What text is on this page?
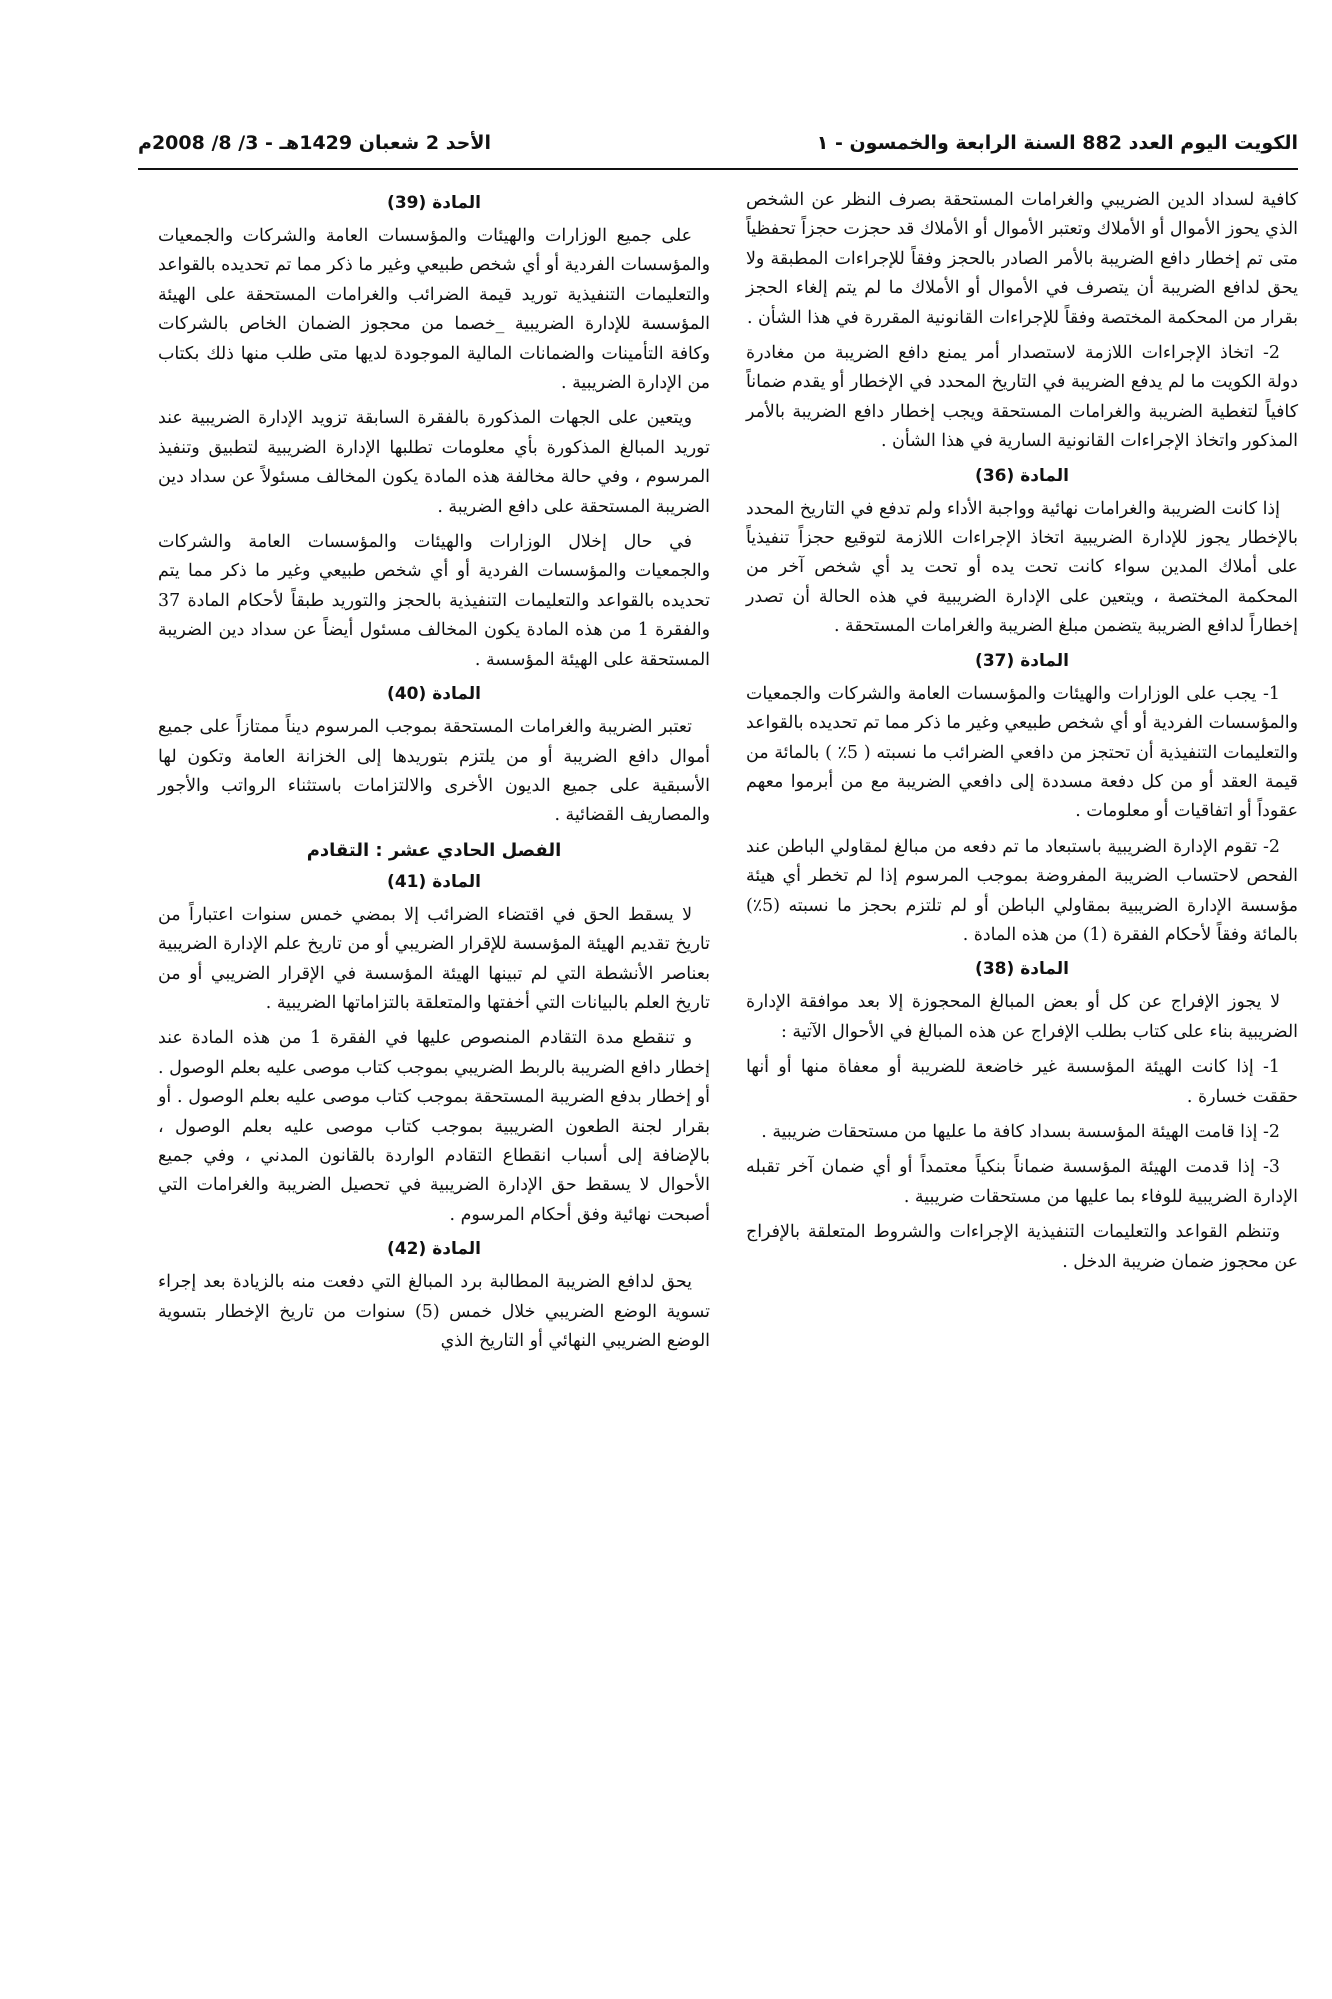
الكويت اليوم العدد 882 السنة الرابعة والخمسون - ١
الأحد 2 شعبان 1429هـ - 3/ 8/ 2008م

كافية لسداد الدين الضريبي والغرامات المستحقة بصرف النظر عن الشخص الذي يحوز الأموال أو الأملاك وتعتبر الأموال أو الأملاك قد حجزت حجزاً تحفظياً متى تم إخطار دافع الضريبة بالأمر الصادر بالحجز وفقاً للإجراءات المطبقة ولا يحق لدافع الضريبة أن يتصرف في الأموال أو الأملاك ما لم يتم إلغاء الحجز بقرار من المحكمة المختصة وفقاً للإجراءات القانونية المقررة في هذا الشأن .

2- اتخاذ الإجراءات اللازمة لاستصدار أمر يمنع دافع الضريبة من مغادرة دولة الكويت ما لم يدفع الضريبة في التاريخ المحدد في الإخطار أو يقدم ضماناً كافياً لتغطية الضريبة والغرامات المستحقة ويجب إخطار دافع الضريبة بالأمر المذكور واتخاذ الإجراءات القانونية السارية في هذا الشأن .

المادة (36)

إذا كانت الضريبة والغرامات نهائية وواجبة الأداء ولم تدفع في التاريخ المحدد بالإخطار يجوز للإدارة الضريبية اتخاذ الإجراءات اللازمة لتوقيع حجزاً تنفيذياً على أملاك المدين سواء كانت تحت يده أو تحت يد أي شخص آخر من المحكمة المختصة ، ويتعين على الإدارة الضريبية في هذه الحالة أن تصدر إخطاراً لدافع الضريبة يتضمن مبلغ الضريبة والغرامات المستحقة .

المادة (37)

1- يجب على الوزارات والهيئات والمؤسسات العامة والشركات والجمعيات والمؤسسات الفردية أو أي شخص طبيعي وغير ما ذكر مما تم تحديده بالقواعد والتعليمات التنفيذية أن تحتجز من دافعي الضرائب ما نسبته ( 5٪ ) بالمائة من قيمة العقد أو من كل دفعة مسددة إلى دافعي الضريبة مع من أبرموا معهم عقوداً أو اتفاقيات أو معلومات .

2- تقوم الإدارة الضريبية باستبعاد ما تم دفعه من مبالغ لمقاولي الباطن عند الفحص لاحتساب الضريبة المفروضة بموجب المرسوم إذا لم تخطر أي هيئة مؤسسة الإدارة الضريبية بمقاولي الباطن أو لم تلتزم بحجز ما نسبته (5٪) بالمائة وفقاً لأحكام الفقرة (1) من هذه المادة .

المادة (38)

لا يجوز الإفراج عن كل أو بعض المبالغ المحجوزة إلا بعد موافقة الإدارة الضريبية بناء على كتاب بطلب الإفراج عن هذه المبالغ في الأحوال الآتية :

1- إذا كانت الهيئة المؤسسة غير خاضعة للضريبة أو معفاة منها أو أنها حققت خسارة .

2- إذا قامت الهيئة المؤسسة بسداد كافة ما عليها من مستحقات ضريبية .

3- إذا قدمت الهيئة المؤسسة ضماناً بنكياً معتمداً أو أي ضمان آخر تقبله الإدارة الضريبية للوفاء بما عليها من مستحقات ضريبية .

وتنظم القواعد والتعليمات التنفيذية الإجراءات والشروط المتعلقة بالإفراج عن محجوز ضمان ضريبة الدخل .

المادة (39)

على جميع الوزارات والهيئات والمؤسسات العامة والشركات والجمعيات والمؤسسات الفردية أو أي شخص طبيعي وغير ما ذكر مما تم تحديده بالقواعد والتعليمات التنفيذية توريد قيمة الضرائب والغرامات المستحقة على الهيئة المؤسسة للإدارة الضريبية _خصما من محجوز الضمان الخاص بالشركات وكافة التأمينات والضمانات المالية الموجودة لديها متى طلب منها ذلك بكتاب من الإدارة الضريبية .

ويتعين على الجهات المذكورة بالفقرة السابقة تزويد الإدارة الضريبية عند توريد المبالغ المذكورة بأي معلومات تطلبها الإدارة الضريبية لتطبيق وتنفيذ المرسوم ، وفي حالة مخالفة هذه المادة يكون المخالف مسئولاً عن سداد دين الضريبة المستحقة على دافع الضريبة .

في حال إخلال الوزارات والهيئات والمؤسسات العامة والشركات والجمعيات والمؤسسات الفردية أو أي شخص طبيعي وغير ما ذكر مما يتم تحديده بالقواعد والتعليمات التنفيذية بالحجز والتوريد طبقاً لأحكام المادة 37 والفقرة 1 من هذه المادة يكون المخالف مسئول أيضاً عن سداد دين الضريبة المستحقة على الهيئة المؤسسة .

المادة (40)

تعتبر الضريبة والغرامات المستحقة بموجب المرسوم ديناً ممتازاً على جميع أموال دافع الضريبة أو من يلتزم بتوريدها إلى الخزانة العامة وتكون لها الأسبقية على جميع الديون الأخرى والالتزامات باستثناء الرواتب والأجور والمصاريف القضائية .

الفصل الحادي عشر : التقادم
المادة (41)

لا يسقط الحق في اقتضاء الضرائب إلا بمضي خمس سنوات اعتباراً من تاريخ تقديم الهيئة المؤسسة للإقرار الضريبي أو من تاريخ علم الإدارة الضريبية بعناصر الأنشطة التي لم تبينها الهيئة المؤسسة في الإقرار الضريبي أو من تاريخ العلم بالبيانات التي أخفتها والمتعلقة بالتزاماتها الضريبية .

و تنقطع مدة التقادم المنصوص عليها في الفقرة 1 من هذه المادة عند إخطار دافع الضريبة بالربط الضريبي بموجب كتاب موصى عليه بعلم الوصول . أو إخطار بدفع الضريبة المستحقة بموجب كتاب موصى عليه بعلم الوصول . أو بقرار لجنة الطعون الضريبية بموجب كتاب موصى عليه بعلم الوصول ، بالإضافة إلى أسباب انقطاع التقادم الواردة بالقانون المدني ، وفي جميع الأحوال لا يسقط حق الإدارة الضريبية في تحصيل الضريبة والغرامات التي أصبحت نهائية وفق أحكام المرسوم .

المادة (42)

يحق لدافع الضريبة المطالبة برد المبالغ التي دفعت منه بالزيادة بعد إجراء تسوية الوضع الضريبي خلال خمس (5) سنوات من تاريخ الإخطار بتسوية الوضع الضريبي النهائي أو التاريخ الذي
